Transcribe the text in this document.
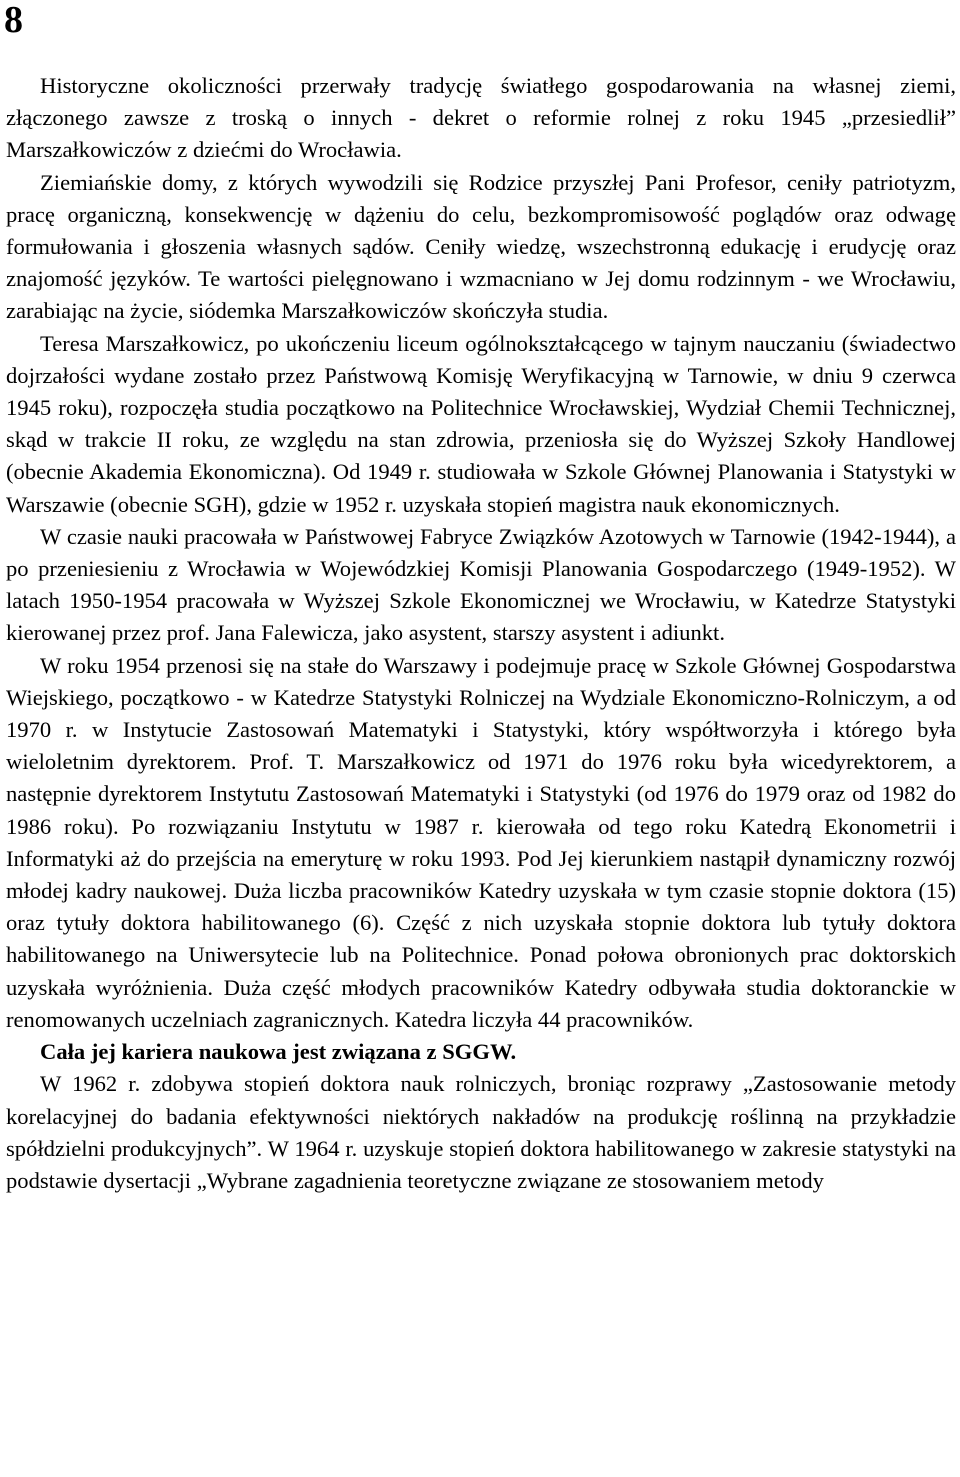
8

Historyczne okoliczności przerwały tradycję światłego gospodarowania na własnej ziemi, złączonego zawsze z troską o innych - dekret o reformie rolnej z roku 1945 „przesiedlił” Marszałkowiczów z dziećmi do Wrocławia.

Ziemiańskie domy, z których wywodzili się Rodzice przyszłej Pani Profesor, ceniły patriotyzm, pracę organiczną, konsekwencję w dążeniu do celu, bezkompromisowość poglądów oraz odwagę formułowania i głoszenia własnych sądów. Ceniły wiedzę, wszechstronną edukację i erudycję oraz znajomość języków. Te wartości pielęgnowano i wzmacniano w Jej domu rodzinnym - we Wrocławiu, zarabiając na życie, siódemka Marszałkowiczów skończyła studia.

Teresa Marszałkowicz, po ukończeniu liceum ogólnokształcącego w tajnym nauczaniu (świadectwo dojrzałości wydane zostało przez Państwową Komisję Weryfikacyjną w Tarnowie, w dniu 9 czerwca 1945 roku), rozpoczęła studia początkowo na Politechnice Wrocławskiej, Wydział Chemii Technicznej, skąd w trakcie II roku, ze względu na stan zdrowia, przeniosła się do Wyższej Szkoły Handlowej (obecnie Akademia Ekonomiczna). Od 1949 r. studiowała w Szkole Głównej Planowania i Statystyki w Warszawie (obecnie SGH), gdzie w 1952 r. uzyskała stopień magistra nauk ekonomicznych.

W czasie nauki pracowała w Państwowej Fabryce Związków Azotowych w Tarnowie (1942-1944), a po przeniesieniu z Wrocławia w Wojewódzkiej Komisji Planowania Gospodarczego (1949-1952). W latach 1950-1954 pracowała w Wyższej Szkole Ekonomicznej we Wrocławiu, w Katedrze Statystyki kierowanej przez prof. Jana Falewicza, jako asystent, starszy asystent i adiunkt.

W roku 1954 przenosi się na stałe do Warszawy i podejmuje pracę w Szkole Głównej Gospodarstwa Wiejskiego, początkowo - w Katedrze Statystyki Rolniczej na Wydziale Ekonomiczno-Rolniczym, a od 1970 r. w Instytucie Zastosowań Matematyki i Statystyki, który współtworzyła i którego była wieloletnim dyrektorem. Prof. T. Marszałkowicz od 1971 do 1976 roku była wicedyrektorem, a następnie dyrektorem Instytutu Zastosowań Matematyki i Statystyki (od 1976 do 1979 oraz od 1982 do 1986 roku). Po rozwiązaniu Instytutu w 1987 r. kierowała od tego roku Katedrą Ekonometrii i Informatyki aż do przejścia na emeryturę w roku 1993. Pod Jej kierunkiem nastąpił dynamiczny rozwój młodej kadry naukowej. Duża liczba pracowników Katedry uzyskała w tym czasie stopnie doktora (15) oraz tytuły doktora habilitowanego (6). Część z nich uzyskała stopnie doktora lub tytuły doktora habilitowanego na Uniwersytecie lub na Politechnice. Ponad połowa obronionych prac doktorskich uzyskała wyróżnienia. Duża część młodych pracowników Katedry odbywała studia doktoranckie w renomowanych uczelniach zagranicznych. Katedra liczyła 44 pracowników.

Cała jej kariera naukowa jest związana z SGGW.

W 1962 r. zdobywa stopień doktora nauk rolniczych, broniąc rozprawy „Zastosowanie metody korelacyjnej do badania efektywności niektórych nakładów na produkcję roślinną na przykładzie spółdzielni produkcyjnych”. W 1964 r. uzyskuje stopień doktora habilitowanego w zakresie statystyki na podstawie dysertacji „Wybrane zagadnienia teoretyczne związane ze stosowaniem metody
